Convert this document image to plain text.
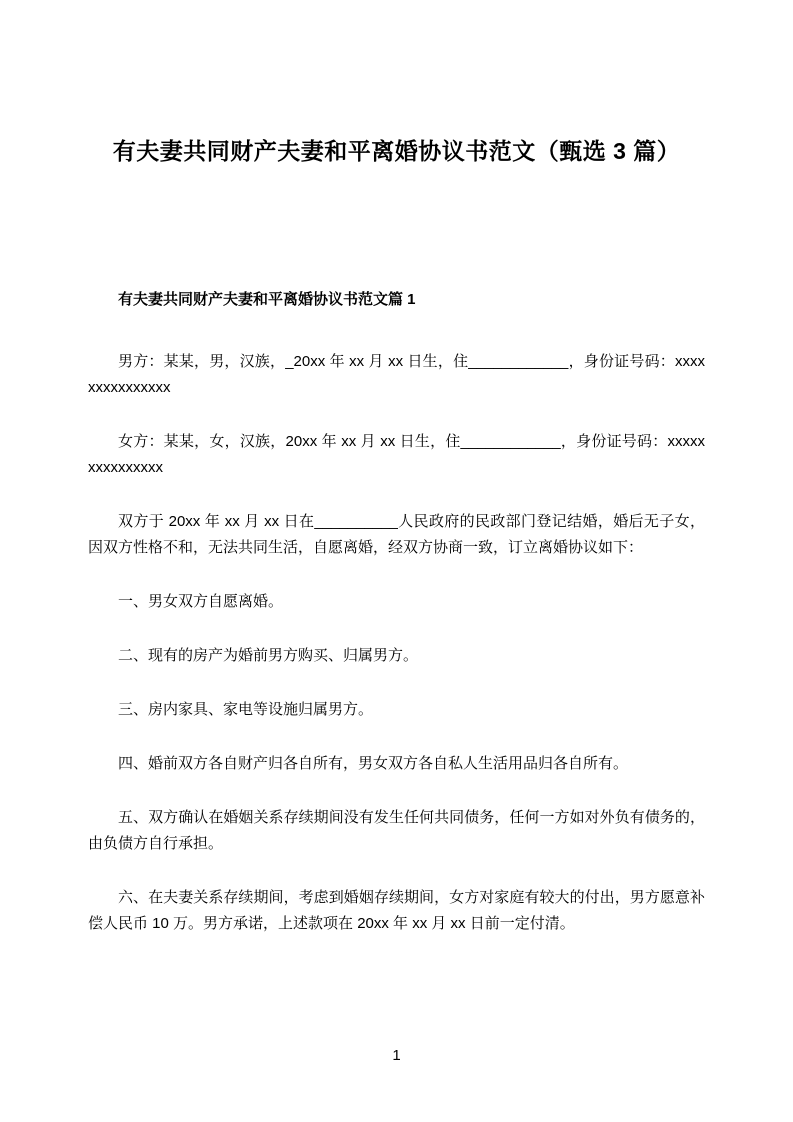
有夫妻共同财产夫妻和平离婚协议书范文（甄选 3 篇）
有夫妻共同财产夫妻和平离婚协议书范文篇 1

男方：某某，男，汉族，_20xx 年 xx 月 xx 日生，住____________，身份证号码：xxxxxxxxxxxxxxx

女方：某某，女，汉族，20xx 年 xx 月 xx 日生，住____________，身份证号码：xxxxxxxxxxxxxxx

双方于 20xx 年 xx 月 xx 日在__________人民政府的民政部门登记结婚，婚后无子女，因双方性格不和，无法共同生活，自愿离婚，经双方协商一致，订立离婚协议如下：

一、男女双方自愿离婚。

二、现有的房产为婚前男方购买、归属男方。

三、房内家具、家电等设施归属男方。

四、婚前双方各自财产归各自所有，男女双方各自私人生活用品归各自所有。

五、双方确认在婚姻关系存续期间没有发生任何共同债务，任何一方如对外负有债务的，由负债方自行承担。

六、在夫妻关系存续期间，考虑到婚姻存续期间，女方对家庭有较大的付出，男方愿意补偿人民币 10 万。男方承诺，上述款项在 20xx 年 xx 月 xx 日前一定付清。

1
